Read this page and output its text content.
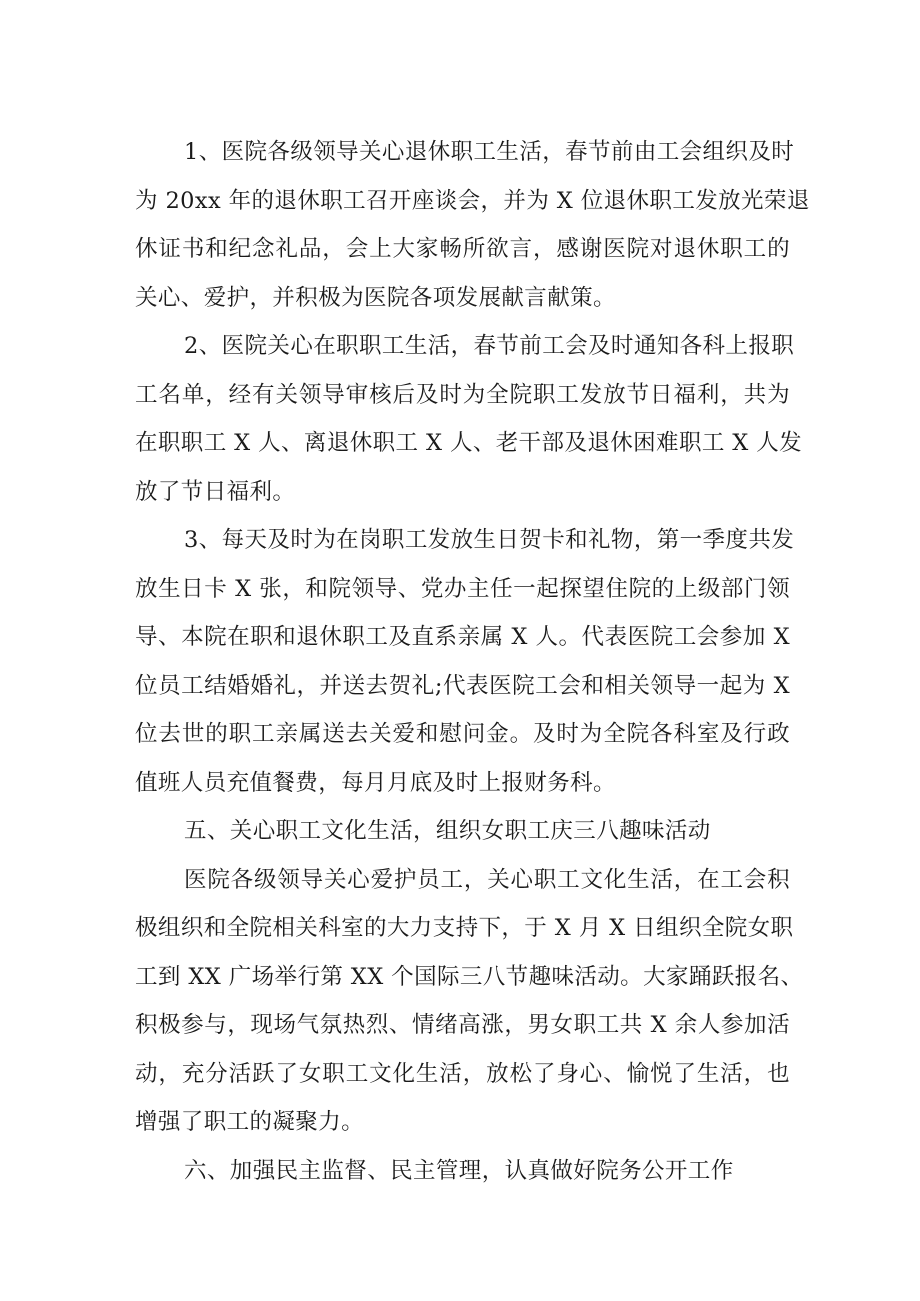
1、医院各级领导关心退休职工生活，春节前由工会组织及时
为 20xx 年的退休职工召开座谈会，并为 X 位退休职工发放光荣退
休证书和纪念礼品，会上大家畅所欲言，感谢医院对退休职工的
关心、爱护，并积极为医院各项发展献言献策。

2、医院关心在职职工生活，春节前工会及时通知各科上报职
工名单，经有关领导审核后及时为全院职工发放节日福利，共为
在职职工 X 人、离退休职工 X 人、老干部及退休困难职工 X 人发
放了节日福利。

3、每天及时为在岗职工发放生日贺卡和礼物，第一季度共发
放生日卡 X 张，和院领导、党办主任一起探望住院的上级部门领
导、本院在职和退休职工及直系亲属 X 人。代表医院工会参加 X
位员工结婚婚礼，并送去贺礼;代表医院工会和相关领导一起为 X
位去世的职工亲属送去关爱和慰问金。及时为全院各科室及行政
值班人员充值餐费，每月月底及时上报财务科。

五、关心职工文化生活，组织女职工庆三八趣味活动

医院各级领导关心爱护员工，关心职工文化生活，在工会积
极组织和全院相关科室的大力支持下，于 X 月 X 日组织全院女职
工到 XX 广场举行第 XX 个国际三八节趣味活动。大家踊跃报名、
积极参与，现场气氛热烈、情绪高涨，男女职工共 X 余人参加活
动，充分活跃了女职工文化生活，放松了身心、愉悦了生活，也
增强了职工的凝聚力。

六、加强民主监督、民主管理，认真做好院务公开工作
